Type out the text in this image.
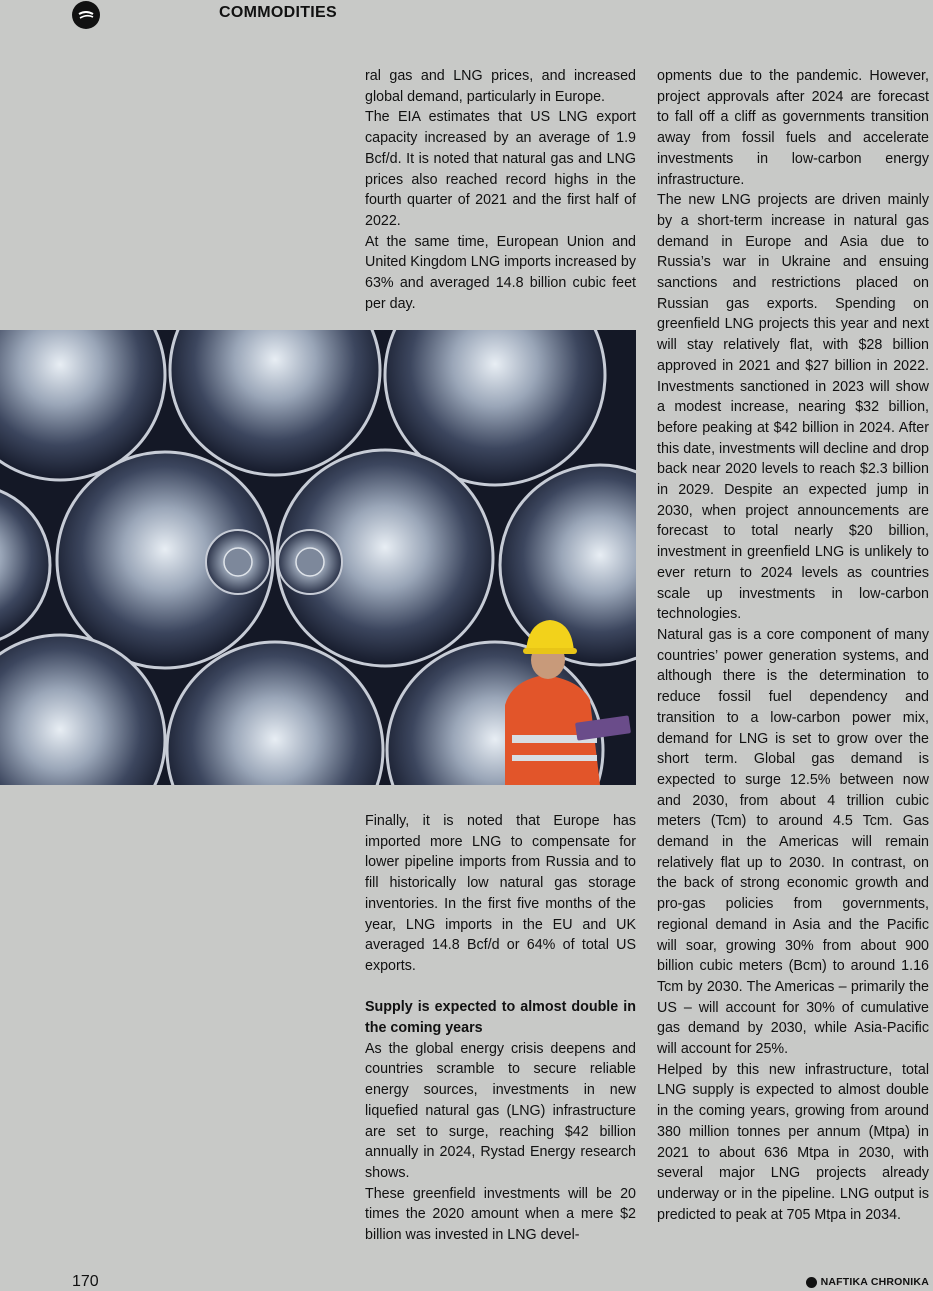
COMMODITIES

ral gas and LNG prices, and increased global demand, particularly in Europe.

The EIA estimates that US LNG export capacity increased by an average of 1.9 Bcf/d. It is noted that natural gas and LNG prices also reached record highs in the fourth quarter of 2021 and the first half of 2022.

At the same time, European Union and United Kingdom LNG imports increased by 63% and averaged 14.8 billion cubic feet per day.

Finally, it is noted that Europe has imported more LNG to compensate for lower pipeline imports from Russia and to fill historically low natural gas storage inventories. In the first five months of the year, LNG imports in the EU and UK averaged 14.8 Bcf/d or 64% of total US exports.

Supply is expected to almost double in the coming years

As the global energy crisis deepens and countries scramble to secure reliable energy sources, investments in new liquefied natural gas (LNG) infrastructure are set to surge, reaching $42 billion annually in 2024, Rystad Energy research shows.

These greenfield investments will be 20 times the 2020 amount when a mere $2 billion was invested in LNG devel-

opments due to the pandemic. However, project approvals after 2024 are forecast to fall off a cliff as governments transition away from fossil fuels and accelerate investments in low-carbon energy infrastructure.

The new LNG projects are driven mainly by a short-term increase in natural gas demand in Europe and Asia due to Russia’s war in Ukraine and ensuing sanctions and restrictions placed on Russian gas exports. Spending on greenfield LNG projects this year and next will stay relatively flat, with $28 billion approved in 2021 and $27 billion in 2022. Investments sanctioned in 2023 will show a modest increase, nearing $32 billion, before peaking at $42 billion in 2024. After this date, investments will decline and drop back near 2020 levels to reach $2.3 billion in 2029. Despite an expected jump in 2030, when project announcements are forecast to total nearly $20 billion, investment in greenfield LNG is unlikely to ever return to 2024 levels as countries scale up investments in low-carbon technologies.

Natural gas is a core component of many countries’ power generation systems, and although there is the determination to reduce fossil fuel dependency and transition to a low-carbon power mix, demand for LNG is set to grow over the short term. Global gas demand is expected to surge 12.5% between now and 2030, from about 4 trillion cubic meters (Tcm) to around 4.5 Tcm. Gas demand in the Americas will remain relatively flat up to 2030. In contrast, on the back of strong economic growth and pro-gas policies from governments, regional demand in Asia and the Pacific will soar, growing 30% from about 900 billion cubic meters (Bcm) to around 1.16 Tcm by 2030. The Americas – primarily the US – will account for 30% of cumulative gas demand by 2030, while Asia-Pacific will account for 25%.

Helped by this new infrastructure, total LNG supply is expected to almost double in the coming years, growing from around 380 million tonnes per annum (Mtpa) in 2021 to about 636 Mtpa in 2030, with several major LNG projects already underway or in the pipeline. LNG output is predicted to peak at 705 Mtpa in 2034.

170	NAFTIKA CHRONIKA
